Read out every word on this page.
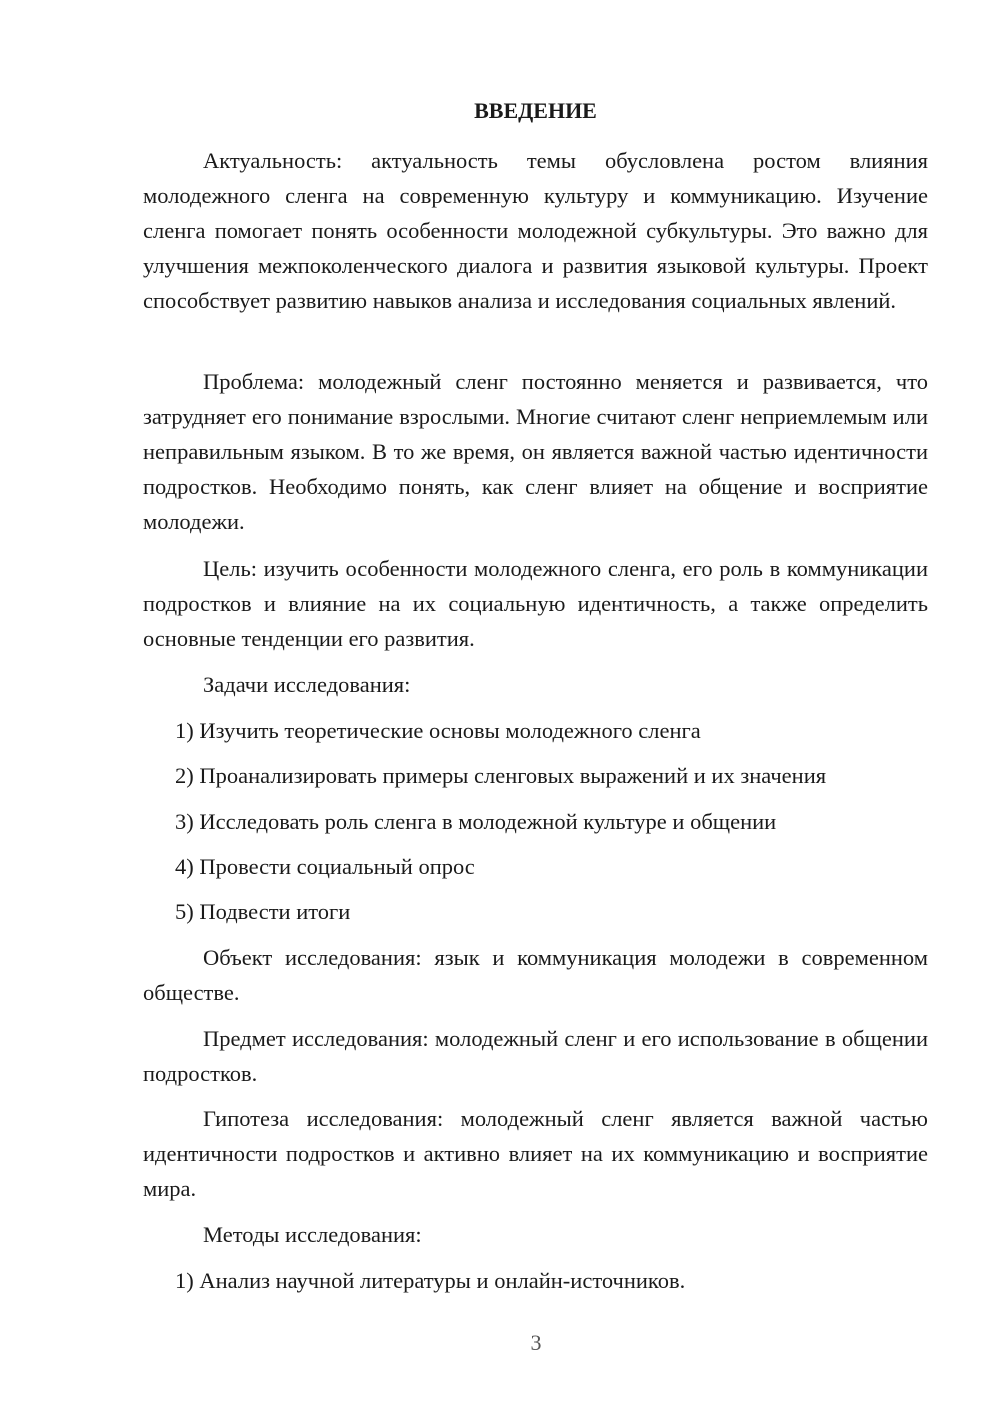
ВВЕДЕНИЕ

Актуальность: актуальность темы обусловлена ростом влияния молодежного сленга на современную культуру и коммуникацию. Изучение сленга помогает понять особенности молодежной субкультуры. Это важно для улучшения межпоколенческого диалога и развития языковой культуры. Проект способствует развитию навыков анализа и исследования социальных явлений.

Проблема: молодежный сленг постоянно меняется и развивается, что затрудняет его понимание взрослыми. Многие считают сленг неприемлемым или неправильным языком. В то же время, он является важной частью идентичности подростков. Необходимо понять, как сленг влияет на общение и восприятие молодежи.

Цель: изучить особенности молодежного сленга, его роль в коммуникации подростков и влияние на их социальную идентичность, а также определить основные тенденции его развития.

Задачи исследования:

1) Изучить теоретические основы молодежного сленга

2) Проанализировать примеры сленговых выражений и их значения

3) Исследовать роль сленга в молодежной культуре и общении

4) Провести социальный опрос

5) Подвести итоги

Объект исследования: язык и коммуникация молодежи в современном обществе.

Предмет исследования: молодежный сленг и его использование в общении подростков.

Гипотеза исследования: молодежный сленг является важной частью идентичности подростков и активно влияет на их коммуникацию и восприятие мира.

Методы исследования:

1) Анализ научной литературы и онлайн-источников.

3
